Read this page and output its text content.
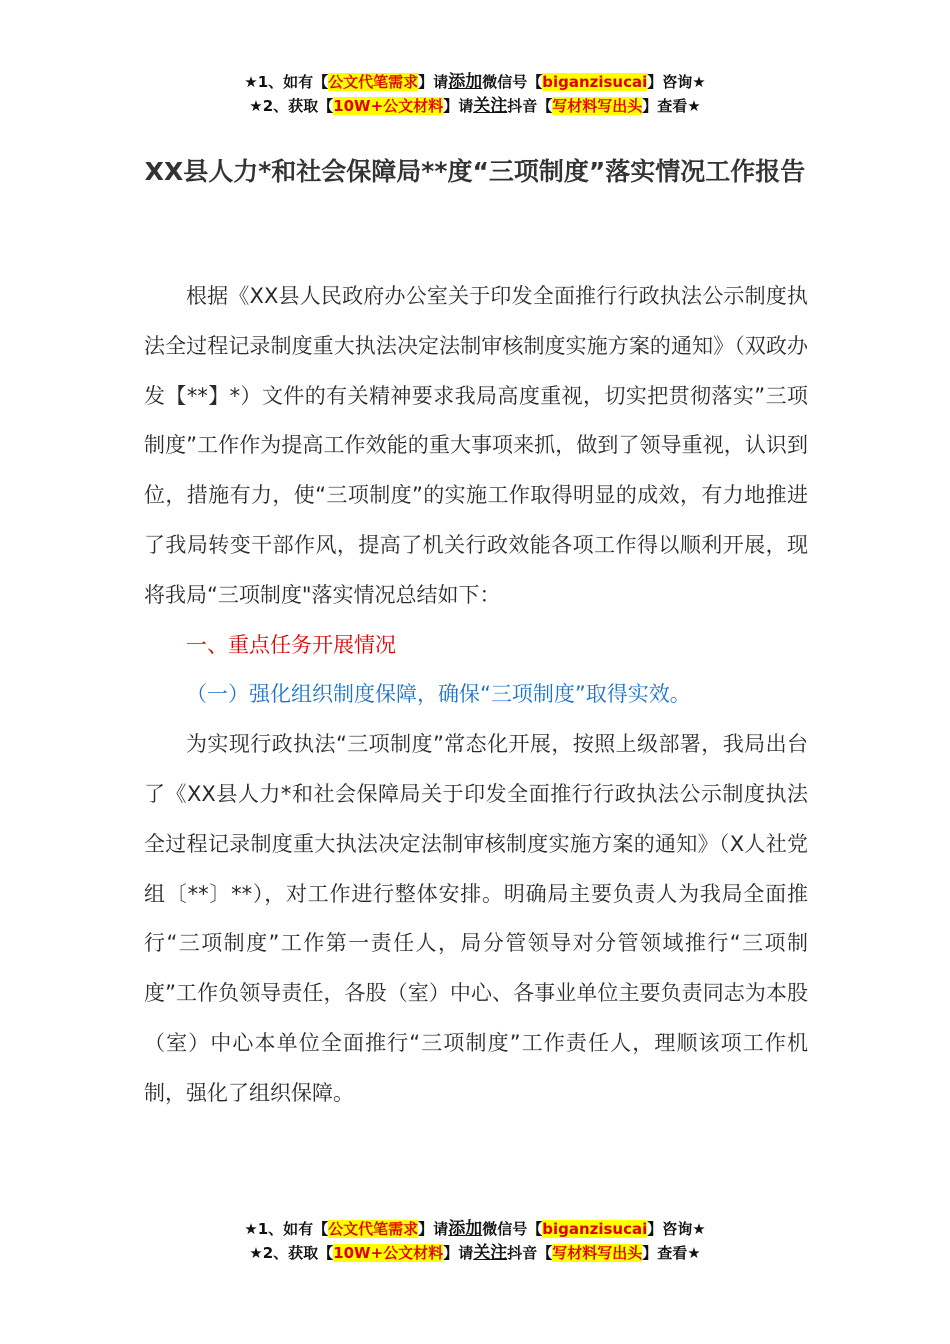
★1、如有【公文代笔需求】请添加微信号【biganzisucai】咨询★
★2、获取【10W+公文材料】请关注抖音【写材料写出头】查看★
XX县人力*和社会保障局**度“三项制度”落实情况工作报告

根据《XX县人民政府办公室关于印发全面推行行政执法公示制度执法全过程记录制度重大执法决定法制审核制度实施方案的通知》（双政办发【**】*）文件的有关精神要求我局高度重视，切实把贯彻落实”三项制度”工作作为提高工作效能的重大事项来抓，做到了领导重视，认识到位，措施有力，使“三项制度”的实施工作取得明显的成效，有力地推进了我局转变干部作风，提高了机关行政效能各项工作得以顺利开展，现将我局“三项制度"落实情况总结如下：

一、重点任务开展情况

（一）强化组织制度保障，确保“三项制度”取得实效。

为实现行政执法“三项制度”常态化开展，按照上级部署，我局出台了《XX县人力*和社会保障局关于印发全面推行行政执法公示制度执法全过程记录制度重大执法决定法制审核制度实施方案的通知》（X人社党组〔**〕**），对工作进行整体安排。明确局主要负责人为我局全面推行“三项制度”工作第一责任人，局分管领导对分管领域推行“三项制度”工作负领导责任，各股（室）中心、各事业单位主要负责同志为本股（室）中心本单位全面推行“三项制度”工作责任人，理顺该项工作机制，强化了组织保障。

★1、如有【公文代笔需求】请添加微信号【biganzisucai】咨询★
★2、获取【10W+公文材料】请关注抖音【写材料写出头】查看★
